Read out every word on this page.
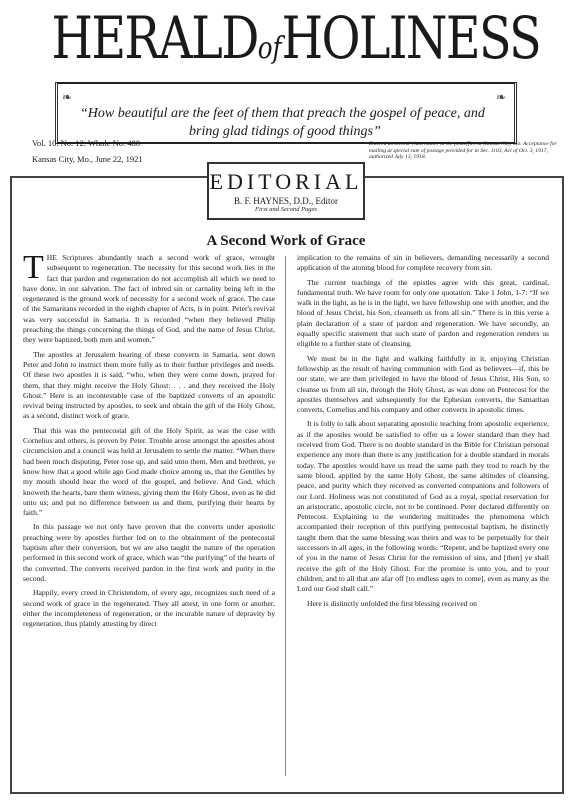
HERALDofHOLINESS
❧	❧
“How beautiful are the feet of them that preach the gospel of peace, and
bring glad tidings of good things”
Vol. 10. No. 12. Whole No. 480
Kansas City, Mo., June 22, 1921
Entered as second-class matter at the postoffice at Kansas City, Mo. Acceptance for mailing at special rate of postage provided for in Sec. 1103, Act of Oct. 3, 1917, authorized July 13, 1918.
EDITORIAL
B. F. HAYNES, D.D., Editor
First and Second Pages
A Second Work of Grace

THE Scriptures abundantly teach a second work of grace, wrought subsequent to regeneration. The necessity for this second work lies in the fact that pardon and regeneration do not accomplish all which we need to have done, in our salvation. The fact of inbred sin or carnality being left in the regenerated is the ground work of necessity for a second work of grace. The case of the Samaritans recorded in the eighth chapter of Acts, is in point. Peter's revival was very successful in Samaria. It is recorded “when they believed Philip preaching the things concerning the things of God, and the name of Jesus Christ, they were baptized, both men and women.”

The apostles at Jerusalem hearing of these converts in Samaria, sent down Peter and John to instruct them more fully as to their further privileges and needs. Of these two apostles it is said, “who, when they were come down, prayed for them, that they might receive the Holy Ghost: . . . and they received the Holy Ghost.” Here is an incontestable case of the baptized converts of an apostolic revival being instructed by apostles, to seek and obtain the gift of the Holy Ghost, as a second, distinct work of grace.

That this was the pentecostal gift of the Holy Spirit, as was the case with Cornelius and others, is proven by Peter. Trouble arose amongst the apostles about circumcision and a council was held at Jerusalem to settle the matter. “When there had been much disputing, Peter rose up, and said unto them, Men and brethren, ye know how that a good while ago God made choice among us, that the Gentiles by my mouth should hear the word of the gospel, and believe. And God, which knoweth the hearts, bare them witness, giving them the Holy Ghost, even as he did unto us; and put no difference between us and them, purifying their hearts by faith.”

In this passage we not only have proven that the converts under apostolic preaching were by apostles further led on to the obtainment of the pentecostal baptism after their conversion, but we are also taught the nature of the operation performed in this second work of grace, which was “the purifying” of the hearts of the converted. The converts received pardon in the first work and purity in the second.

Happily, every creed in Christendom, of every age, recognizes such need of a second work of grace in the regenerated. They all attest, in one form or another, either the incompleteness of regeneration, or the incurable nature of depravity by regeneration, thus plainly attesting by direct

implication to the remains of sin in believers, demanding necessarily a second application of the atoning blood for complete recovery from sin.

The current teachings of the epistles agree with this great, cardinal, fundamental truth. We have room for only one quotation. Take 1 John, 1-7: “If we walk in the light, as he is in the light, we have fellowship one with another, and the blood of Jesus Christ, his Son, cleanseth us from all sin.” There is in this verse a plain declaration of a state of pardon and regeneration. We have secondly, an equally specific statement that such state of pardon and regeneration renders us eligible to a further state of cleansing.

We must be in the light and walking faithfully in it, enjoying Christian fellowship as the result of having communion with God as believers—if, this be our state, we are then privileged to have the blood of Jesus Christ, His Son, to cleanse us from all sin, through the Holy Ghost, as was done on Pentecost for the apostles themselves and subsequently for the Ephesian converts, the Samaritan converts, Cornelius and his company and other converts in apostolic times.

It is folly to talk about separating apostolic teaching from apostolic experience, as if the apostles would be satisfied to offer us a lower standard than they had received from God. There is no double standard in the Bible for Christian personal experience any more than there is any justification for a double standard in morals today. The apostles would have us tread the same path they trod to reach by the same blood, applied by the same Holy Ghost, the same altitudes of cleansing, peace, and purity which they received as converted companions and followers of our Lord. Holiness was not constituted of God as a royal, special reservation for an aristocratic, apostolic circle, not to be continued. Peter declared differently on Pentecost. Explaining to the wondering multitudes the phenomena which accompanied their reception of this purifying pentecostal baptism, he distinctly taught them that the same blessing was theirs and was to be perpetually for their successors in all ages, in the following words: “Repent, and be baptized every one of you in the name of Jesus Christ for the remission of sins, and [then] ye shall receive the gift of the Holy Ghost. For the promise is unto you, and to your children, and to all that are afar off [to endless ages to come], even as many as the Lord our God shall call.”

Here is distinctly unfolded the first blessing received on
